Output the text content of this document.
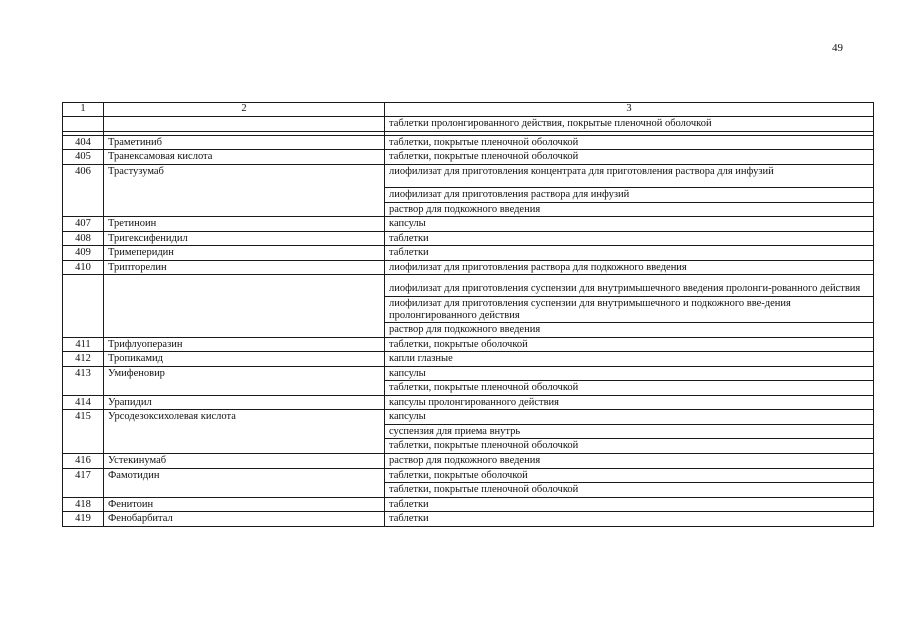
49
1	2	3
		таблетки пролонгированного действия, покрытые пленочной оболочкой

404	Траметиниб	таблетки, покрытые пленочной оболочкой
405	Транексамовая кислота	таблетки, покрытые пленочной оболочкой
406	Трастузумаб	лиофилизат для приготовления концентрата для приготовления раствора для инфузий
		лиофилизат для приготовления раствора для инфузий
		раствор для подкожного введения
407	Третиноин	капсулы
408	Тригексифенидил	таблетки
409	Тримеперидин	таблетки
410	Трипторелин	лиофилизат для приготовления раствора для подкожного введения
		лиофилизат для приготовления суспензии для внутримышечного введения пролонги-рованного действия
		лиофилизат для приготовления суспензии для внутримышечного и подкожного вве-дения пролонгированного действия
		раствор для подкожного введения
411	Трифлуоперазин	таблетки, покрытые оболочкой
412	Тропикамид	капли глазные
413	Умифеновир	капсулы
		таблетки, покрытые пленочной оболочкой
414	Урапидил	капсулы пролонгированного действия
415	Урсодезоксихолевая кислота	капсулы
		суспензия для приема внутрь
		таблетки, покрытые пленочной оболочкой
416	Устекинумаб	раствор для подкожного введения
417	Фамотидин	таблетки, покрытые оболочкой
		таблетки, покрытые пленочной оболочкой
418	Фенитоин	таблетки
419	Фенобарбитал	таблетки
